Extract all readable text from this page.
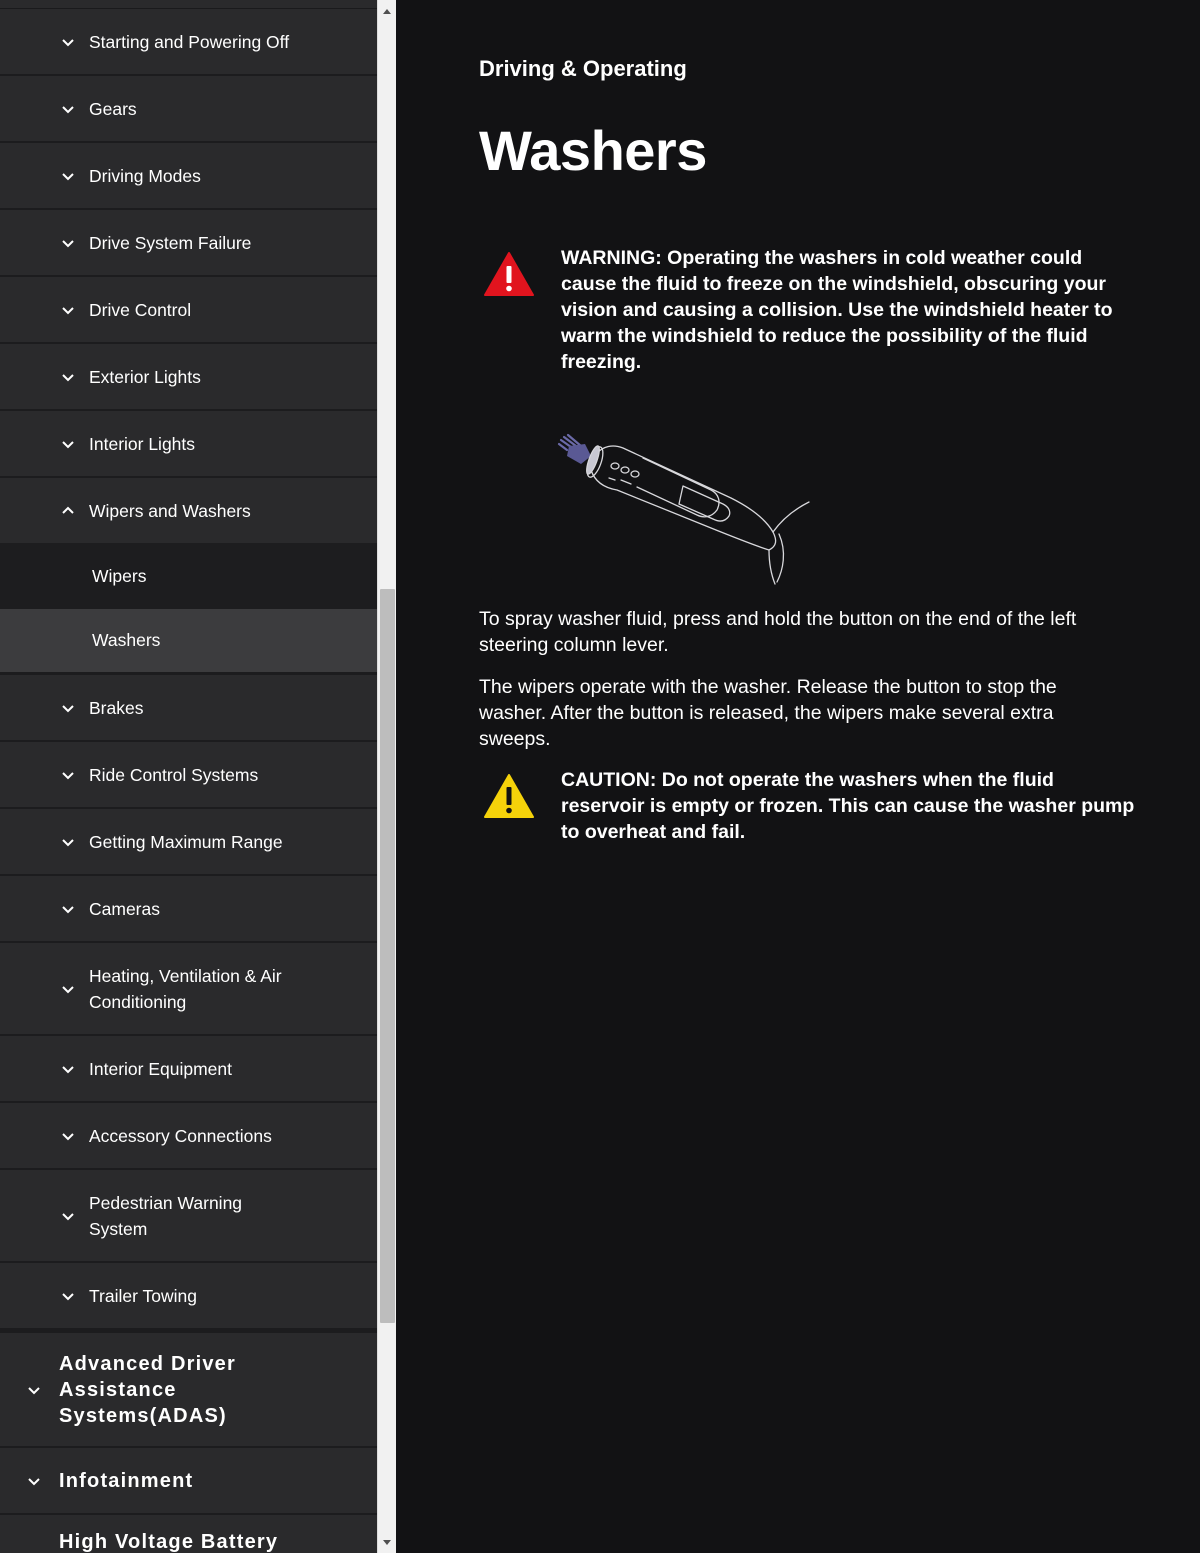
Starting and Powering Off
Gears
Driving Modes
Drive System Failure
Drive Control
Exterior Lights
Interior Lights
Wipers and Washers
Wipers
Washers
Brakes
Ride Control Systems
Getting Maximum Range
Cameras
Heating, Ventilation & Air Conditioning
Interior Equipment
Accessory Connections
Pedestrian Warning System
Trailer Towing
Advanced Driver Assistance Systems(ADAS)
Infotainment
High Voltage Battery
Driving & Operating
Washers
WARNING: Operating the washers in cold weather could cause the fluid to freeze on the windshield, obscuring your vision and causing a collision. Use the windshield heater to warm the windshield to reduce the possibility of the fluid freezing.

To spray washer fluid, press and hold the button on the end of the left steering column lever.

The wipers operate with the washer. Release the button to stop the washer. After the button is released, the wipers make several extra sweeps.

CAUTION: Do not operate the washers when the fluid reservoir is empty or frozen. This can cause the washer pump to overheat and fail.
